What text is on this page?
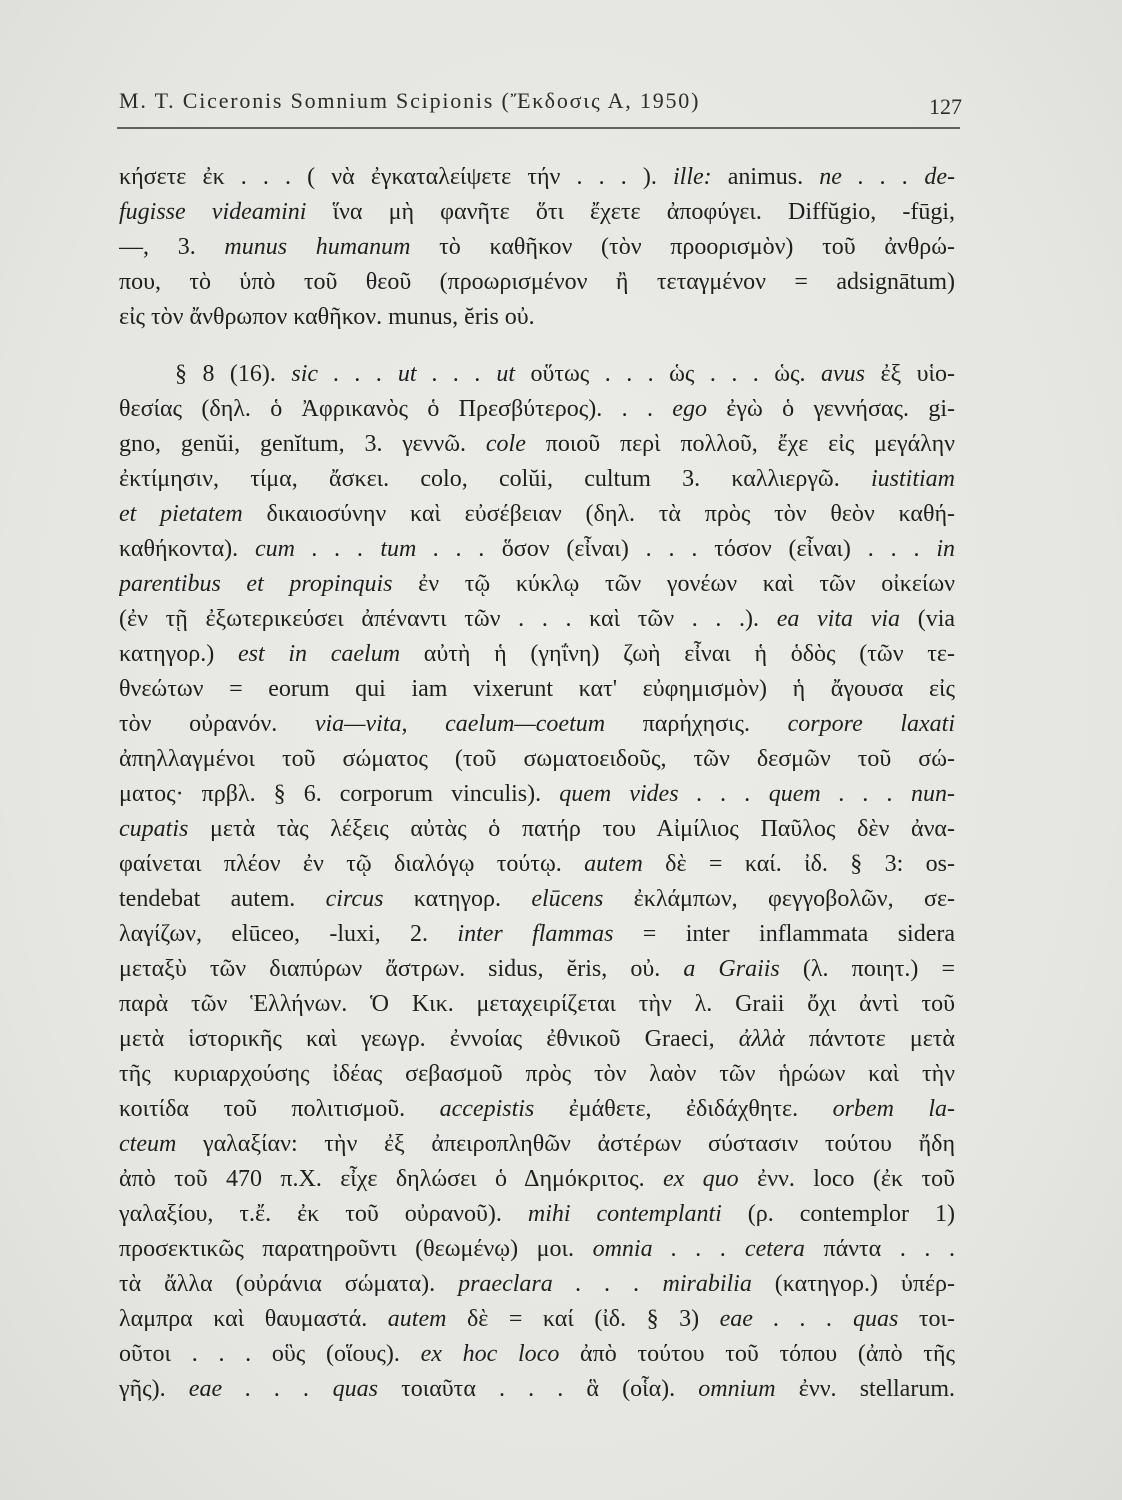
M. T. Ciceronis Somnium Scipionis (Ἔκδοσις Α, 1950)	127
κήσετε ἐκ . . . ( νὰ ἐγκαταλείψετε τήν . . . ). ille: animus. ne . . . de-
fugisse videamini ἵνα μὴ φανῆτε ὅτι ἔχετε ἀποφύγει. Diffŭgio, -fūgi,
—, 3. munus humanum τὸ καθῆκον (τὸν προορισμὸν) τοῦ ἀνθρώ-
που, τὸ ὑπὸ τοῦ θεοῦ (προωρισμένον ἢ τεταγμένον = adsignātum)
εἰς τὸν ἄνθρωπον καθῆκον. munus, ĕris οὐ.
§ 8 (16). sic . . . ut . . . ut οὕτως . . . ὡς . . . ὡς. avus ἐξ υἱο-
θεσίας (δηλ. ὁ Ἀφρικανὸς ὁ Πρεσβύτερος). . . ego ἐγὼ ὁ γεννήσας. gi-
gno, genŭi, genĭtum, 3. γεννῶ. cole ποιοῦ περὶ πολλοῦ, ἔχε εἰς μεγάλην
ἐκτίμησιν, τίμα, ἄσκει. colo, colŭi, cultum 3. καλλιεργῶ. iustitiam
et pietatem δικαιοσύνην καὶ εὐσέβειαν (δηλ. τὰ πρὸς τὸν θεὸν καθή-
καθήκοντα). cum . . . tum . . . ὅσον (εἶναι) . . . τόσον (εἶναι) . . . in
parentibus et propinquis ἐν τῷ κύκλῳ τῶν γονέων καὶ τῶν οἰκείων
(ἐν τῇ ἐξωτερικεύσει ἀπέναντι τῶν . . . καὶ τῶν . . .). ea vita via (via
κατηγορ.) est in caelum αὐτὴ ἡ (γηΐνη) ζωὴ εἶναι ἡ ὁδὸς (τῶν τε-
θνεώτων = eorum qui iam vixerunt κατ' εὐφημισμὸν) ἡ ἄγουσα εἰς
τὸν οὐρανόν. via—vita, caelum—coetum παρήχησις. corpore laxati
ἀπηλλαγμένοι τοῦ σώματος (τοῦ σωματοειδοῦς, τῶν δεσμῶν τοῦ σώ-
ματος· πρβλ. § 6. corporum vinculis). quem vides . . . quem . . . nun-
cupatis μετὰ τὰς λέξεις αὐτὰς ὁ πατήρ του Αἰμίλιος Παῦλος δὲν ἀνα-
φαίνεται πλέον ἐν τῷ διαλόγῳ τούτῳ. autem δὲ = καί. ἰδ. § 3: os-
tendebat autem. circus κατηγορ. elūcens ἐκλάμπων, φεγγοβολῶν, σε-
λαγίζων, elūceo, -luxi, 2. inter flammas = inter inflammata sidera
μεταξὺ τῶν διαπύρων ἄστρων. sidus, ĕris, οὐ. a Graiis (λ. ποιητ.) =
παρὰ τῶν Ἑλλήνων. Ὁ Κικ. μεταχειρίζεται τὴν λ. Graii ὄχι ἀντὶ τοῦ
μετὰ ἱστορικῆς καὶ γεωγρ. ἐννοίας ἐθνικοῦ Graeci, ἀλλὰ πάντοτε μετὰ
τῆς κυριαρχούσης ἰδέας σεβασμοῦ πρὸς τὸν λαὸν τῶν ἡρώων καὶ τὴν
κοιτίδα τοῦ πολιτισμοῦ. accepistis ἐμάθετε, ἐδιδάχθητε. orbem la-
cteum γαλαξίαν: τὴν ἐξ ἀπειροπληθῶν ἀστέρων σύστασιν τούτου ἤδη
ἀπὸ τοῦ 470 π.Χ. εἶχε δηλώσει ὁ Δημόκριτος. ex quo ἐνν. loco (ἐκ τοῦ
γαλαξίου, τ.ἔ. ἐκ τοῦ οὐρανοῦ). mihi contemplanti (ρ. contemplor 1)
προσεκτικῶς παρατηροῦντι (θεωμένῳ) μοι. omnia . . . cetera πάντα . . .
τὰ ἄλλα (οὐράνια σώματα). praeclara . . . mirabilia (κατηγορ.) ὑπέρ-
λαμπρα καὶ θαυμαστά. autem δὲ = καί (ἰδ. § 3) eae . . . quas τοι-
οῦτοι . . . οὓς (οἵους). ex hoc loco ἀπὸ τούτου τοῦ τόπου (ἀπὸ τῆς
γῆς). eae . . . quas τοιαῦτα . . . ἃ (οἷα). omnium ἐνν. stellarum.
